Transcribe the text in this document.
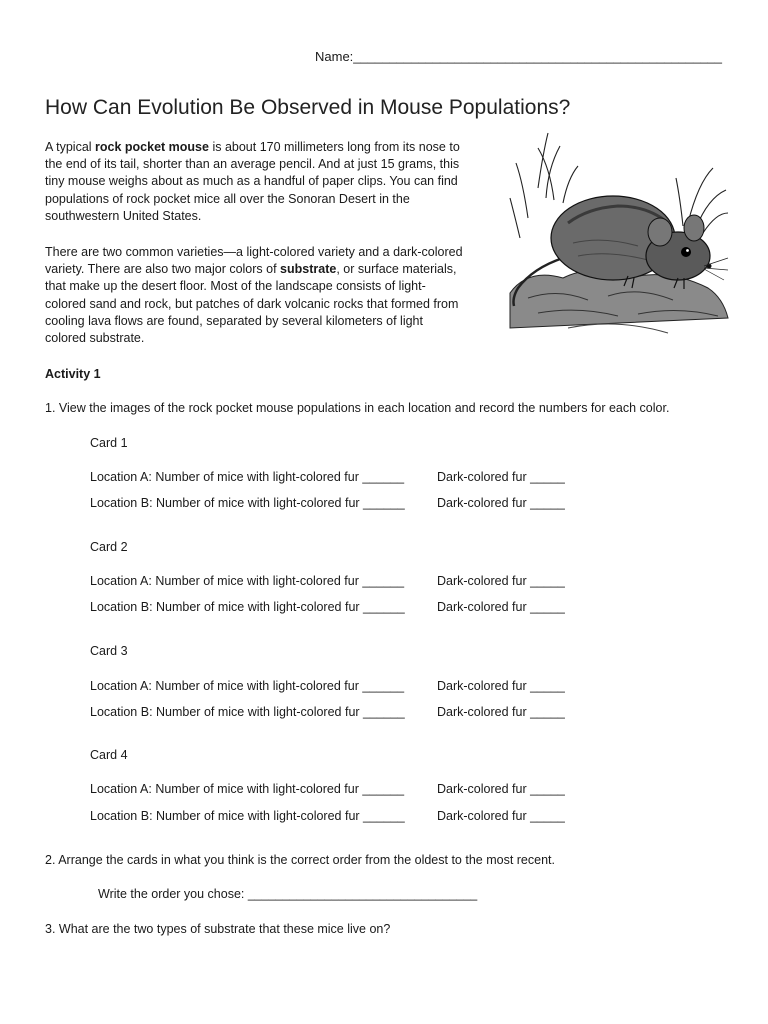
Name:___________________________________________________
How Can Evolution Be Observed in Mouse Populations?
A typical rock pocket mouse is about 170 millimeters long from its nose to the end of its tail, shorter than an average pencil. And at just 15 grams, this tiny mouse weighs about as much as a handful of paper clips. You can find populations of rock pocket mice all over the Sonoran Desert in the southwestern United States.
There are two common varieties—a light-colored variety and a dark-colored variety. There are also two major colors of substrate, or surface materials, that make up the desert floor. Most of the landscape consists of light-colored sand and rock, but patches of dark volcanic rocks that formed from cooling lava flows are found, separated by several kilometers of light colored substrate.
Activity 1
1. View the images of the rock pocket mouse populations in each location and record the numbers for each color.
Card 1
Location A: Number of mice with light-colored fur ______	Dark-colored fur _____
Location B: Number of mice with light-colored fur ______	Dark-colored fur _____
Card 2
Location A: Number of mice with light-colored fur ______	Dark-colored fur _____
Location B: Number of mice with light-colored fur ______	Dark-colored fur _____
Card 3
Location A: Number of mice with light-colored fur ______	Dark-colored fur _____
Location B: Number of mice with light-colored fur ______	Dark-colored fur _____
Card 4
Location A: Number of mice with light-colored fur ______	Dark-colored fur _____
Location B: Number of mice with light-colored fur ______	Dark-colored fur _____
2. Arrange the cards in what you think is the correct order from the oldest to the most recent.
Write the order you chose: _________________________________
3. What are the two types of substrate that these mice live on?
